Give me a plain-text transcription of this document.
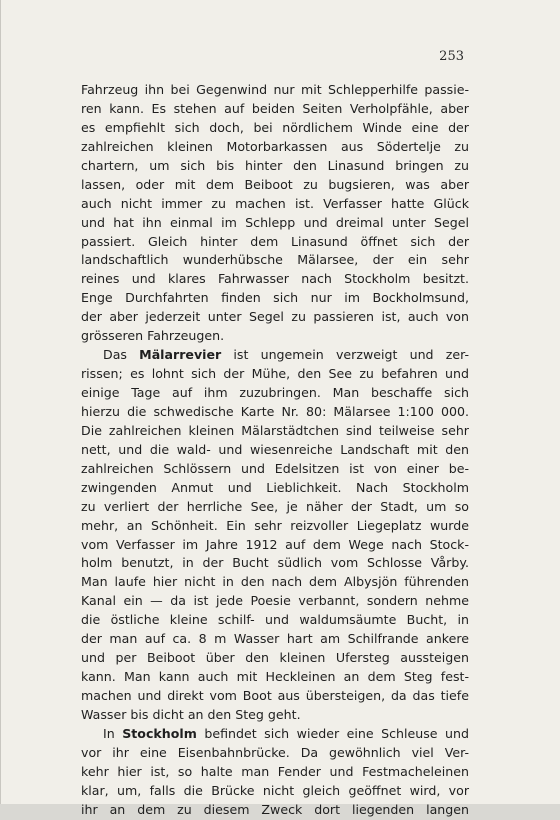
253
Fahrzeug ihn bei Gegenwind nur mit Schlepperhilfe passie-
ren kann. Es stehen auf beiden Seiten Verholpfähle, aber
es empfiehlt sich doch, bei nördlichem Winde eine der
zahlreichen kleinen Motorbarkassen aus Södertelje zu
chartern, um sich bis hinter den Linasund bringen zu
lassen, oder mit dem Beiboot zu bugsieren, was aber
auch nicht immer zu machen ist. Verfasser hatte Glück
und hat ihn einmal im Schlepp und dreimal unter Segel
passiert. Gleich hinter dem Linasund öffnet sich der
landschaftlich wunderhübsche Mälarsee, der ein sehr
reines und klares Fahrwasser nach Stockholm besitzt.
Enge Durchfahrten finden sich nur im Bockholmsund,
der aber jederzeit unter Segel zu passieren ist, auch von
grösseren Fahrzeugen.
Das Mälarrevier ist ungemein verzweigt und zer-
rissen; es lohnt sich der Mühe, den See zu befahren und
einige Tage auf ihm zuzubringen. Man beschaffe sich
hierzu die schwedische Karte Nr. 80: Mälarsee 1:100 000.
Die zahlreichen kleinen Mälarstädtchen sind teilweise sehr
nett, und die wald- und wiesenreiche Landschaft mit den
zahlreichen Schlössern und Edelsitzen ist von einer be-
zwingenden Anmut und Lieblichkeit. Nach Stockholm
zu verliert der herrliche See, je näher der Stadt, um so
mehr, an Schönheit. Ein sehr reizvoller Liegeplatz wurde
vom Verfasser im Jahre 1912 auf dem Wege nach Stock-
holm benutzt, in der Bucht südlich vom Schlosse Vårby.
Man laufe hier nicht in den nach dem Albysjön führenden
Kanal ein — da ist jede Poesie verbannt, sondern nehme
die östliche kleine schilf- und waldumsäumte Bucht, in
der man auf ca. 8 m Wasser hart am Schilfrande ankere
und per Beiboot über den kleinen Ufersteg aussteigen
kann. Man kann auch mit Heckleinen an dem Steg fest-
machen und direkt vom Boot aus übersteigen, da das tiefe
Wasser bis dicht an den Steg geht.
In Stockholm befindet sich wieder eine Schleuse und
vor ihr eine Eisenbahnbrücke. Da gewöhnlich viel Ver-
kehr hier ist, so halte man Fender und Festmacheleinen
klar, um, falls die Brücke nicht gleich geöffnet wird, vor
ihr an dem zu diesem Zweck dort liegenden langen
